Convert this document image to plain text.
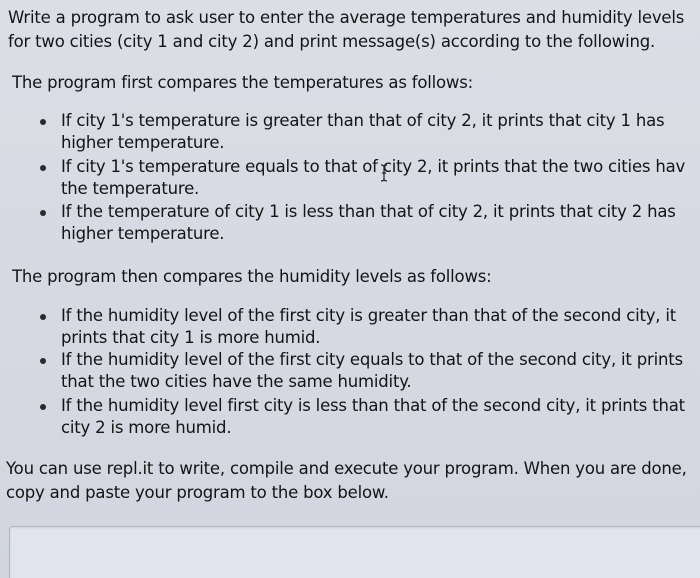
Write a program to ask user to enter the average temperatures and humidity levels
for two cities (city 1 and city 2) and print message(s) according to the following.

The program first compares the temperatures as follows:

If city 1's temperature is greater than that of city 2, it prints that city 1 has
higher temperature.
If city 1's temperature equals to that of city 2, it prints that the two cities hav
the temperature.
If the temperature of city 1 is less than that of city 2, it prints that city 2 has
higher temperature.

The program then compares the humidity levels as follows:

If the humidity level of the first city is greater than that of the second city, it
prints that city 1 is more humid.
If the humidity level of the first city equals to that of the second city, it prints
that the two cities have the same humidity.
If the humidity level first city is less than that of the second city, it prints that
city 2 is more humid.

You can use repl.it to write, compile and execute your program. When you are done,
copy and paste your program to the box below.
